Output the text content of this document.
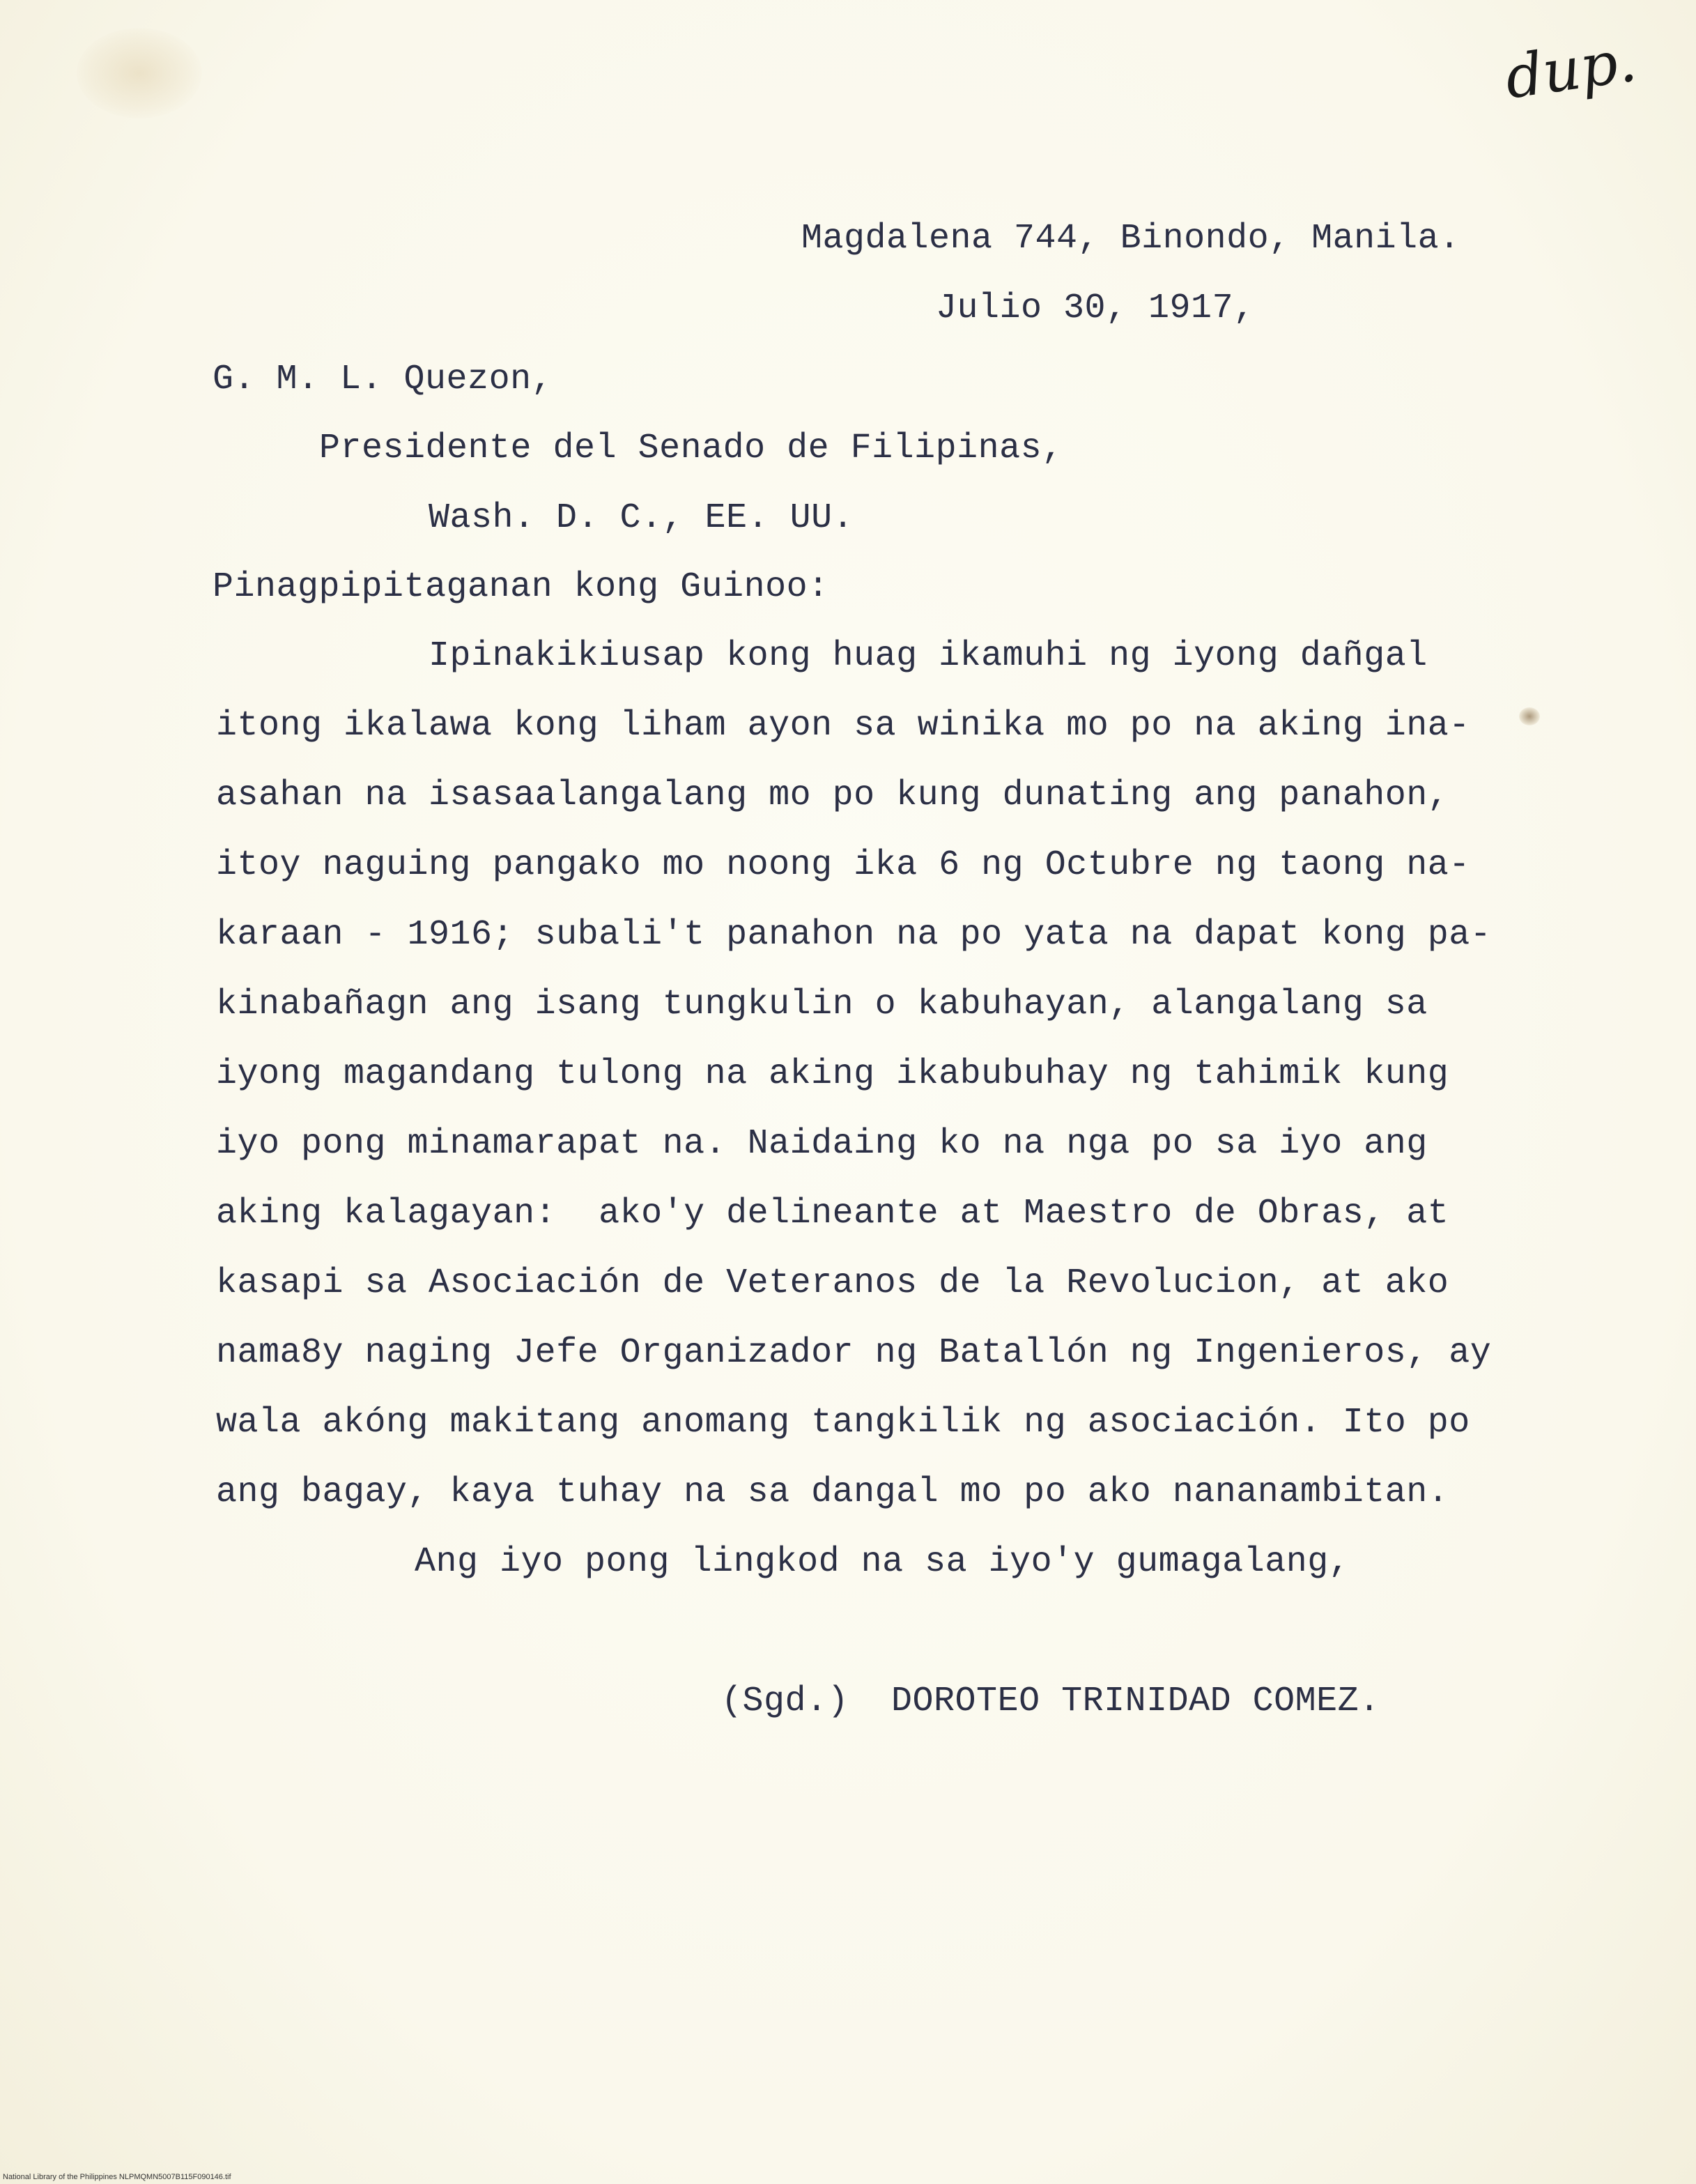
dup.
Magdalena 744, Binondo, Manila.
Julio 30, 1917,
G. M. L. Quezon,
Presidente del Senado de Filipinas,
Wash. D. C., EE. UU.
Pinagpipitaganan kong Guinoo:
Ipinakikiusap kong huag ikamuhi ng iyong dañgal
itong ikalawa kong liham ayon sa winika mo po na aking ina-
asahan na isasaalangalang mo po kung dunating ang panahon,
itoy naguing pangako mo noong ika 6 ng Octubre ng taong na-
karaan - 1916; subali't panahon na po yata na dapat kong pa-
kinabañagn ang isang tungkulin o kabuhayan, alangalang sa
iyong magandang tulong na aking ikabubuhay ng tahimik kung
iyo pong minamarapat na. Naidaing ko na nga po sa iyo ang
aking kalagayan:  ako'y delineante at Maestro de Obras, at
kasapi sa Asociación de Veteranos de la Revolucion, at ako
nama8y naging Jefe Organizador ng Batallón ng Ingenieros, ay
wala akóng makitang anomang tangkilik ng asociación. Ito po
ang bagay, kaya tuhay na sa dangal mo po ako nananambitan.
Ang iyo pong lingkod na sa iyo'y gumagalang,
(Sgd.)  DOROTEO TRINIDAD COMEZ.
National Library of the Philippines NLPMQMN5007B115F090146.tif
